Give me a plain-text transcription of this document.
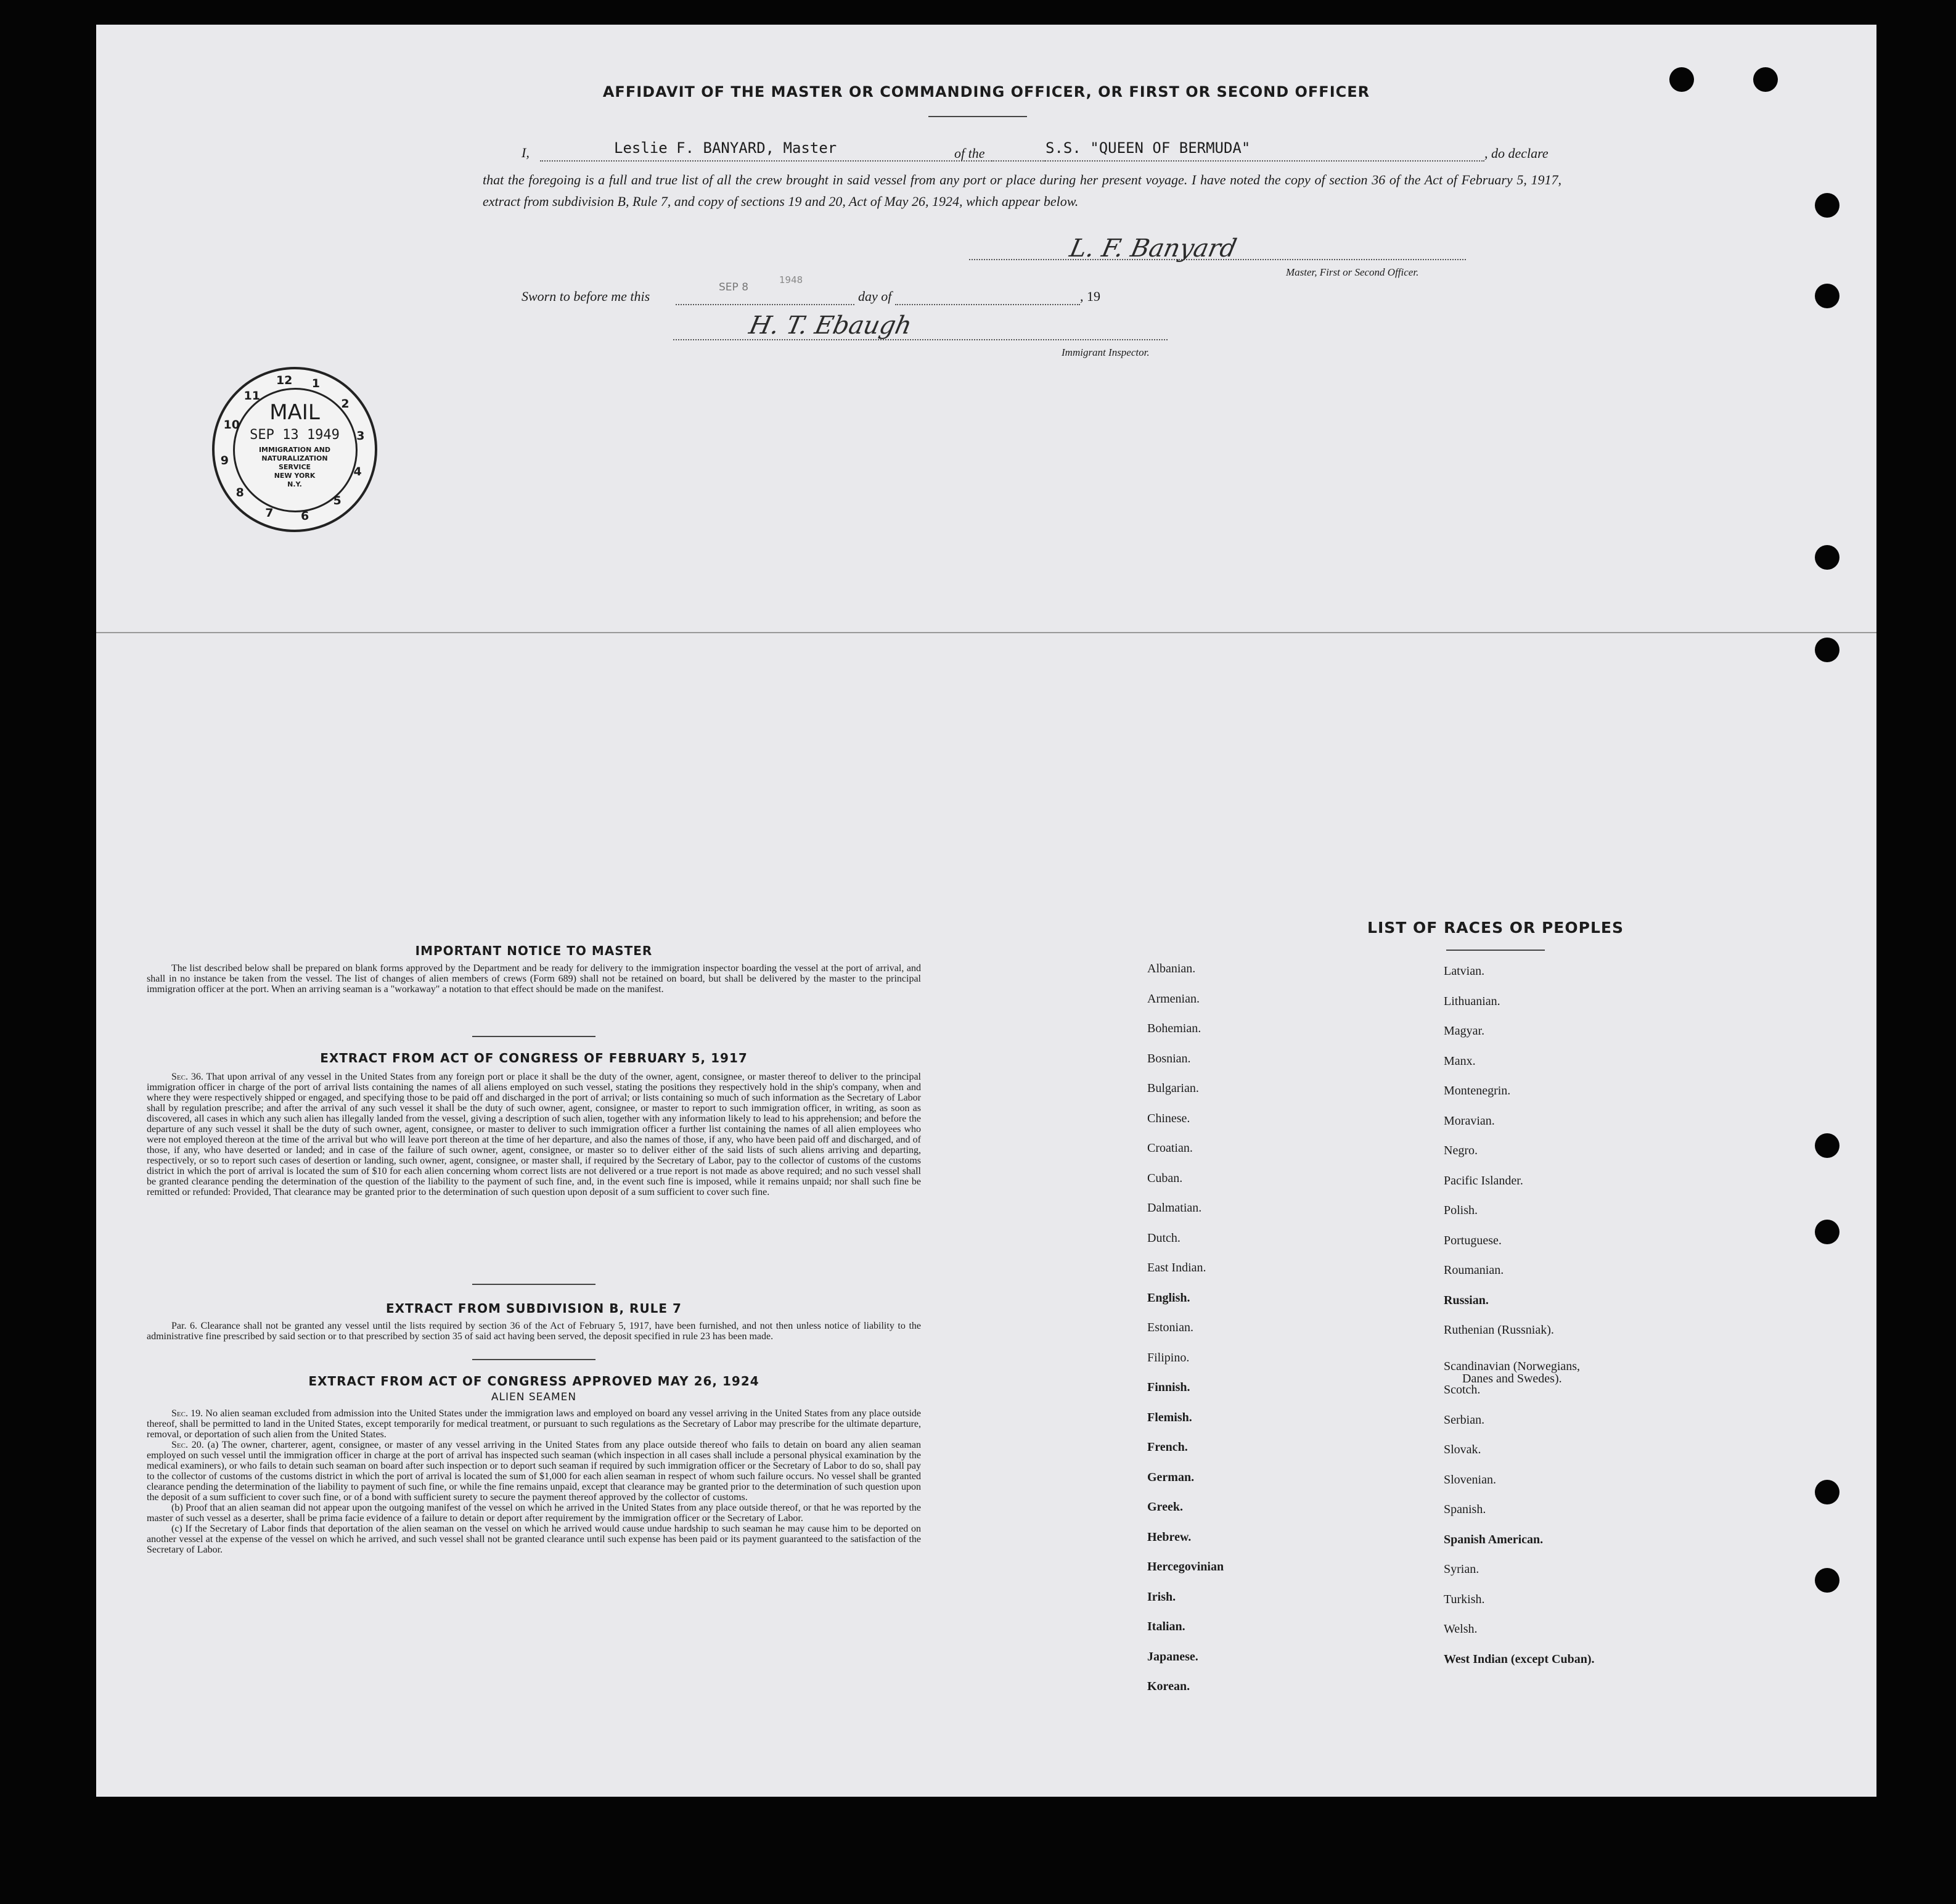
AFFIDAVIT OF THE MASTER OR COMMANDING OFFICER, OR FIRST OR SECOND OFFICER
I,	Leslie F. BANYARD, Master	of the	S.S. "QUEEN OF BERMUDA"	, do declare
that the foregoing is a full and true list of all the crew brought in said vessel from any port or place during her present voyage. I have noted the copy of section 36 of the Act of February 5, 1917, extract from subdivision B, Rule 7, and copy of sections 19 and 20, Act of May 26, 1924, which appear below.
L. F. Banyard
Master, First or Second Officer.
Sworn to before me this
SEP 8
1948
day of	, 19
H. T. Ebaugh
Immigrant Inspector.
IMPORTANT NOTICE TO MASTER

The list described below shall be prepared on blank forms approved by the Department and be ready for delivery to the immigration inspector boarding the vessel at the port of arrival, and shall in no instance be taken from the vessel. The list of changes of alien members of crews (Form 689) shall not be retained on board, but shall be delivered by the master to the principal immigration officer at the port. When an arriving seaman is a "workaway" a notation to that effect should be made on the manifest.

EXTRACT FROM ACT OF CONGRESS OF FEBRUARY 5, 1917

Sec. 36. That upon arrival of any vessel in the United States from any foreign port or place it shall be the duty of the owner, agent, consignee, or master thereof to deliver to the principal immigration officer in charge of the port of arrival lists containing the names of all aliens employed on such vessel, stating the positions they respectively hold in the ship's company, when and where they were respectively shipped or engaged, and specifying those to be paid off and discharged in the port of arrival; or lists containing so much of such information as the Secretary of Labor shall by regulation prescribe; and after the arrival of any such vessel it shall be the duty of such owner, agent, consignee, or master to report to such immigration officer, in writing, as soon as discovered, all cases in which any such alien has illegally landed from the vessel, giving a description of such alien, together with any information likely to lead to his apprehension; and before the departure of any such vessel it shall be the duty of such owner, agent, consignee, or master to deliver to such immigration officer a further list containing the names of all alien employees who were not employed thereon at the time of the arrival but who will leave port thereon at the time of her departure, and also the names of those, if any, who have been paid off and discharged, and of those, if any, who have deserted or landed; and in case of the failure of such owner, agent, consignee, or master so to deliver either of the said lists of such aliens arriving and departing, respectively, or so to report such cases of desertion or landing, such owner, agent, consignee, or master shall, if required by the Secretary of Labor, pay to the collector of customs of the customs district in which the port of arrival is located the sum of $10 for each alien concerning whom correct lists are not delivered or a true report is not made as above required; and no such vessel shall be granted clearance pending the determination of the question of the liability to the payment of such fine, and, in the event such fine is imposed, while it remains unpaid; nor shall such fine be remitted or refunded: Provided, That clearance may be granted prior to the determination of such question upon deposit of a sum sufficient to cover such fine.

EXTRACT FROM SUBDIVISION B, RULE 7

Par. 6. Clearance shall not be granted any vessel until the lists required by section 36 of the Act of February 5, 1917, have been furnished, and not then unless notice of liability to the administrative fine prescribed by said section or to that prescribed by section 35 of said act having been served, the deposit specified in rule 23 has been made.

EXTRACT FROM ACT OF CONGRESS APPROVED MAY 26, 1924
ALIEN SEAMEN

Sec. 19. No alien seaman excluded from admission into the United States under the immigration laws and employed on board any vessel arriving in the United States from any place outside thereof, shall be permitted to land in the United States, except temporarily for medical treatment, or pursuant to such regulations as the Secretary of Labor may prescribe for the ultimate departure, removal, or deportation of such alien from the United States.

Sec. 20. (a) The owner, charterer, agent, consignee, or master of any vessel arriving in the United States from any place outside thereof who fails to detain on board any alien seaman employed on such vessel until the immigration officer in charge at the port of arrival has inspected such seaman (which inspection in all cases shall include a personal physical examination by the medical examiners), or who fails to detain such seaman on board after such inspection or to deport such seaman if required by such immigration officer or the Secretary of Labor to do so, shall pay to the collector of customs of the customs district in which the port of arrival is located the sum of $1,000 for each alien seaman in respect of whom such failure occurs. No vessel shall be granted clearance pending the determination of the liability to payment of such fine, or while the fine remains unpaid, except that clearance may be granted prior to the determination of such question upon the deposit of a sum sufficient to cover such fine, or of a bond with sufficient surety to secure the payment thereof approved by the collector of customs.

(b) Proof that an alien seaman did not appear upon the outgoing manifest of the vessel on which he arrived in the United States from any place outside thereof, or that he was reported by the master of such vessel as a deserter, shall be prima facie evidence of a failure to detain or deport after requirement by the immigration officer or the Secretary of Labor.

(c) If the Secretary of Labor finds that deportation of the alien seaman on the vessel on which he arrived would cause undue hardship to such seaman he may cause him to be deported on another vessel at the expense of the vessel on which he arrived, and such vessel shall not be granted clearance until such expense has been paid or its payment guaranteed to the satisfaction of the Secretary of Labor.

LIST OF RACES OR PEOPLES
Albanian.
Armenian.
Bohemian.
Bosnian.
Bulgarian.
Chinese.
Croatian.
Cuban.
Dalmatian.
Dutch.
East Indian.
English.
Estonian.
Filipino.
Finnish.
Flemish.
French.
German.
Greek.
Hebrew.
Hercegovinian
Irish.
Italian.
Japanese.
Korean.
Latvian.
Lithuanian.
Magyar.
Manx.
Montenegrin.
Moravian.
Negro.
Pacific Islander.
Polish.
Portuguese.
Roumanian.
Russian.
Ruthenian (Russniak).
Scandinavian (Norwegians,
Danes and Swedes).
Scotch.
Serbian.
Slovak.
Slovenian.
Spanish.
Spanish American.
Syrian.
Turkish.
Welsh.
West Indian (except Cuban).
MAIL
SEP 13 1949
IMMIGRATION AND
NATURALIZATION
SERVICE
NEW YORK
N.Y.
12 1
2
3
4
5
6
7
8
9
10
11
